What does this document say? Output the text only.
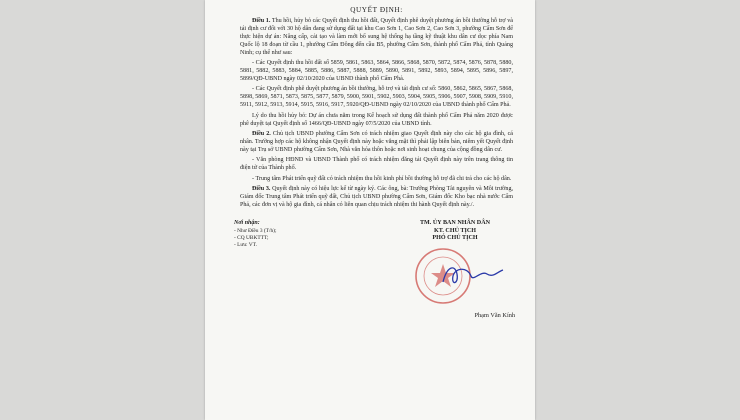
QUYẾT ĐỊNH:

Điều 1. Thu hồi, hủy bỏ các Quyết định thu hồi đất, Quyết định phê duyệt phương án bồi thường hỗ trợ và tái định cư đối với 30 hộ dân đang sử dụng đất tại khu Cao Sơn 1, Cao Sơn 2, Cao Sơn 3, phường Cẩm Sơn để thực hiện dự án: Nâng cấp, cải tạo và làm mới bổ sung hệ thống hạ tầng kỹ thuật khu dân cư dọc phía Nam Quốc lộ 18 đoạn từ cầu 1, phường Cẩm Đông đến cầu B5, phường Cẩm Sơn, thành phố Cẩm Phả, tỉnh Quảng Ninh; cụ thể như sau:

- Các Quyết định thu hồi đất số 5859, 5861, 5863, 5864, 5866, 5868, 5870, 5872, 5874, 5876, 5878, 5880, 5881, 5882, 5883, 5884, 5885, 5886, 5887, 5888, 5889, 5890, 5891, 5892, 5893, 5894, 5895, 5896, 5897, 5899/QĐ-UBND ngày 02/10/2020 của UBND thành phố Cẩm Phả.

- Các Quyết định phê duyệt phương án bồi thường, hỗ trợ và tái định cư số: 5860, 5862, 5865, 5867, 5868, 5898, 5869, 5871, 5873, 5875, 5877, 5879, 5900, 5901, 5902, 5903, 5904, 5905, 5906, 5907, 5908, 5909, 5910, 5911, 5912, 5913, 5914, 5915, 5916, 5917, 5920/QĐ-UBND ngày 02/10/2020 của UBND thành phố Cẩm Phả.

Lý do thu hồi hủy bỏ: Dự án chưa nằm trong Kế hoạch sử dụng đất thành phố Cẩm Phả năm 2020 được phê duyệt tại Quyết định số 1466/QĐ-UBND ngày 07/5/2020 của UBND tỉnh.

Điều 2. Chủ tịch UBND phường Cẩm Sơn có trách nhiệm giao Quyết định này cho các hộ gia đình, cá nhân. Trường hợp các hộ không nhận Quyết định này hoặc vắng mặt thì phải lập biên bản, niêm yết Quyết định này tại Trụ sở UBND phường Cẩm Sơn, Nhà văn hóa thôn hoặc nơi sinh hoạt chung của cộng đồng dân cư.

- Văn phòng HĐND và UBND Thành phố có trách nhiệm đăng tải Quyết định này trên trang thông tin điện tử của Thành phố.

- Trung tâm Phát triển quỹ đất có trách nhiệm thu hồi kinh phí bồi thường hỗ trợ đã chi trả cho các hộ dân.

Điều 3. Quyết định này có hiệu lực kể từ ngày ký. Các ông, bà: Trưởng Phòng Tài nguyên và Môi trường, Giám đốc Trung tâm Phát triển quỹ đất, Chủ tịch UBND phường Cẩm Sơn, Giám đốc Kho bạc nhà nước Cẩm Phả, các đơn vị và hộ gia đình, cá nhân có liên quan chịu trách nhiệm thi hành Quyết định này./.

Nơi nhận:
- Như Điều 3 (T/h);
- CQ UBKTTT;
- Lưu: VT.
TM. ỦY BAN NHÂN DÂN
KT. CHỦ TỊCH
PHÓ CHỦ TỊCH
Phạm Văn Kính
